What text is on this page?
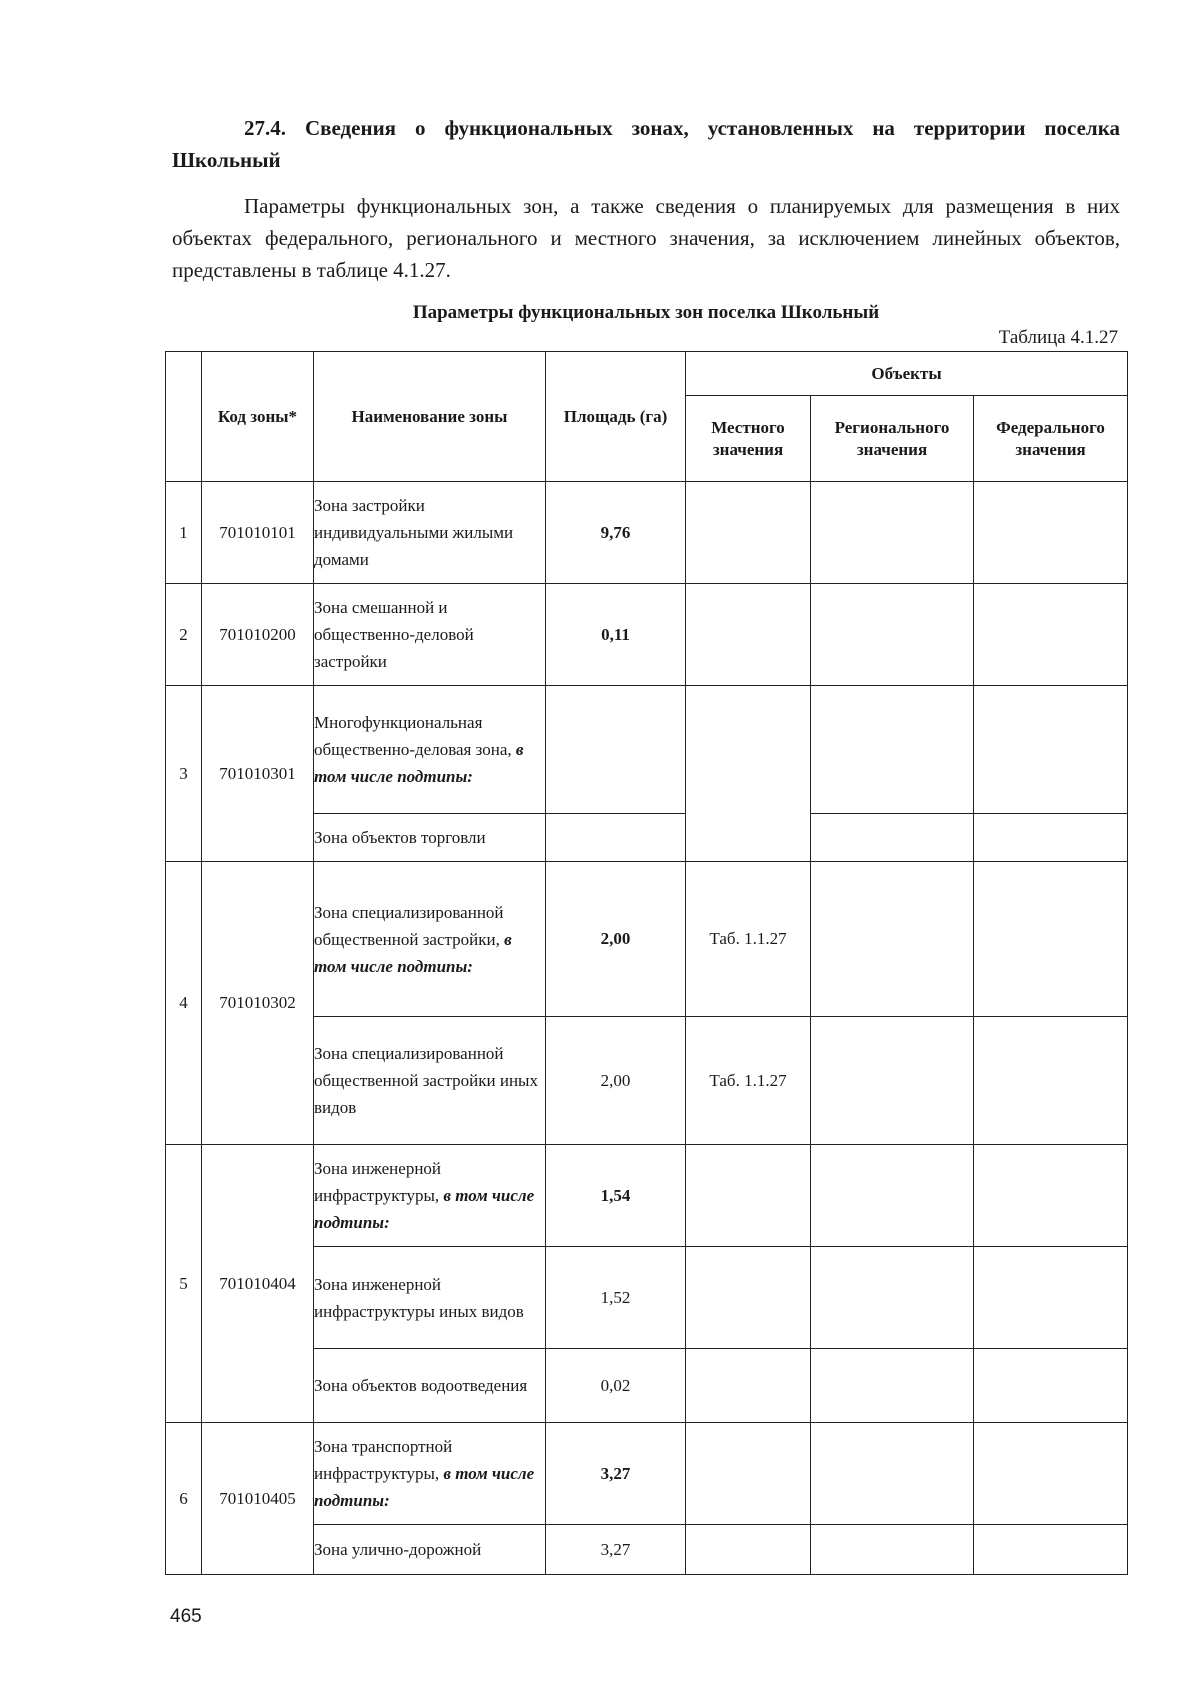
27.4. Сведения о функциональных зонах, установленных на территории поселка Школьный
Параметры функциональных зон, а также сведения о планируемых для размещения в них объектах федерального, регионального и местного значения, за исключением линейных объектов, представлены в таблице 4.1.27.
Параметры функциональных зон поселка Школьный
Таблица 4.1.27
	Код зоны*	Наименование зоны	Площадь (га)	Объекты		
				Местного значения	Регионального значения	Федерального значения
1	701010101	Зона застройки индивидуальными жилыми домами	9,76			
2	701010200	Зона смешанной и общественно-деловой застройки	0,11			
3	701010301	Многофункциональная общественно-деловая зона, в том числе подтипы:				
		Зона объектов торговли				
4	701010302	Зона специализированной общественной застройки, в том числе подтипы:	2,00	Таб. 1.1.27		
		Зона специализированной общественной застройки иных видов	2,00	Таб. 1.1.27		
5	701010404	Зона инженерной инфраструктуры, в том числе подтипы:	1,54			
		Зона инженерной инфраструктуры иных видов	1,52			
		Зона объектов водоотведения	0,02			
6	701010405	Зона транспортной инфраструктуры, в том числе подтипы:	3,27			
		Зона улично-дорожной	3,27			
465
